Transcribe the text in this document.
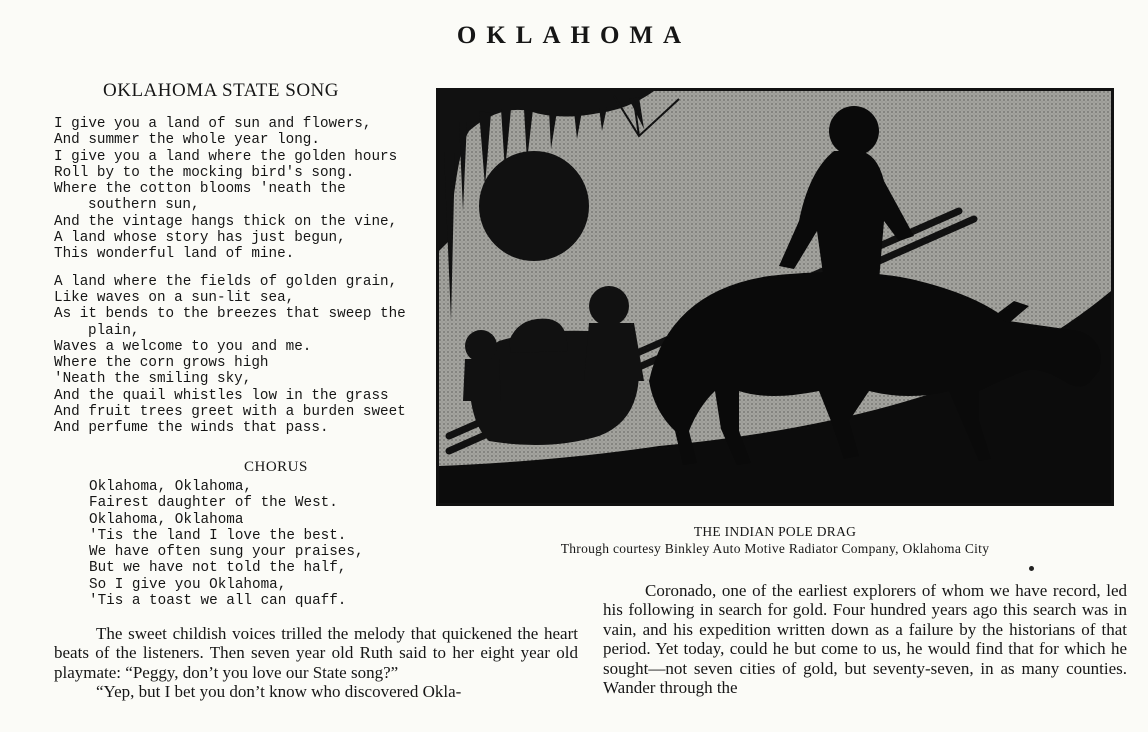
OKLAHOMA
OKLAHOMA STATE SONG
I give you a land of sun and flowers,
And summer the whole year long.
I give you a land where the golden hours
Roll by to the mocking bird's song.
Where the cotton blooms 'neath the
southern sun,
And the vintage hangs thick on the vine,
A land whose story has just begun,
This wonderful land of mine.
A land where the fields of golden grain,
Like waves on a sun-lit sea,
As it bends to the breezes that sweep the
plain,
Waves a welcome to you and me.
Where the corn grows high
'Neath the smiling sky,
And the quail whistles low in the grass
And fruit trees greet with a burden sweet
And perfume the winds that pass.
CHORUS
Oklahoma, Oklahoma,
Fairest daughter of the West.
Oklahoma, Oklahoma
'Tis the land I love the best.
We have often sung your praises,
But we have not told the half,
So I give you Oklahoma,
'Tis a toast we all can quaff.
THE INDIAN POLE DRAG
Through courtesy Binkley Auto Motive Radiator Company, Oklahoma City

The sweet childish voices trilled the melody that quickened the heart beats of the listeners. Then seven year old Ruth said to her eight year old playmate: “Peggy, don’t you love our State song?”

“Yep, but I bet you don’t know who discovered Okla-

Coronado, one of the earliest explorers of whom we have record, led his following in search for gold. Four hundred years ago this search was in vain, and his expedition written down as a failure by the historians of that period. Yet today, could he but come to us, he would find that for which he sought—not seven cities of gold, but seventy-seven, in as many counties. Wander through the
